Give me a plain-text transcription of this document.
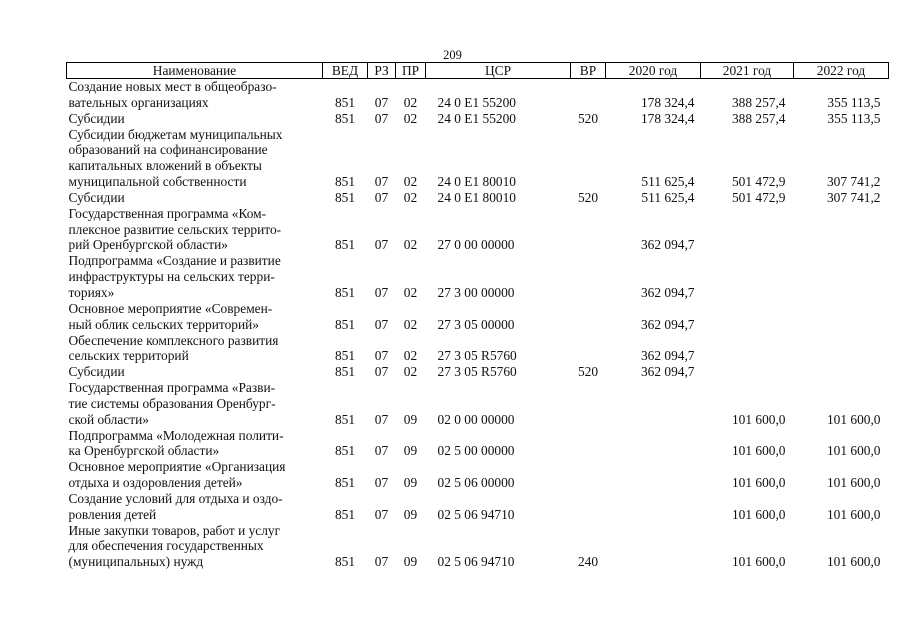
209
Наименование	ВЕД	РЗ	ПР	ЦСР	ВР	2020 год	2021 год	2022 год

Создание новых мест в общеобразо-
вательных организациях	851	07	02	24 0 E1 55200		178 324,4	388 257,4	355 113,5

Субсидии	851	07	02	24 0 E1 55200	520	178 324,4	388 257,4	355 113,5

Субсидии бюджетам муниципальных
образований на софинансирование
капитальных вложений в объекты
муниципальной собственности	851	07	02	24 0 E1 80010		511 625,4	501 472,9	307 741,2

Субсидии	851	07	02	24 0 E1 80010	520	511 625,4	501 472,9	307 741,2

Государственная программа «Ком-
плексное развитие сельских террито-
рий Оренбургской области»	851	07	02	27 0 00 00000		362 094,7		

Подпрограмма «Создание и развитие
инфраструктуры на сельских терри-
ториях»	851	07	02	27 3 00 00000		362 094,7		

Основное мероприятие «Современ-
ный облик сельских территорий»	851	07	02	27 3 05 00000		362 094,7		

Обеспечение комплексного развития
сельских территорий	851	07	02	27 3 05 R5760		362 094,7		

Субсидии	851	07	02	27 3 05 R5760	520	362 094,7		

Государственная программа «Разви-
тие системы образования Оренбург-
ской области»	851	07	09	02 0 00 00000			101 600,0	101 600,0

Подпрограмма «Молодежная полити-
ка Оренбургской области»	851	07	09	02 5 00 00000			101 600,0	101 600,0

Основное мероприятие «Организация
отдыха и оздоровления детей»	851	07	09	02 5 06 00000			101 600,0	101 600,0

Создание условий для отдыха и оздо-
ровления детей	851	07	09	02 5 06 94710			101 600,0	101 600,0

Иные закупки товаров, работ и услуг
для обеспечения государственных
(муниципальных) нужд	851	07	09	02 5 06 94710	240		101 600,0	101 600,0
